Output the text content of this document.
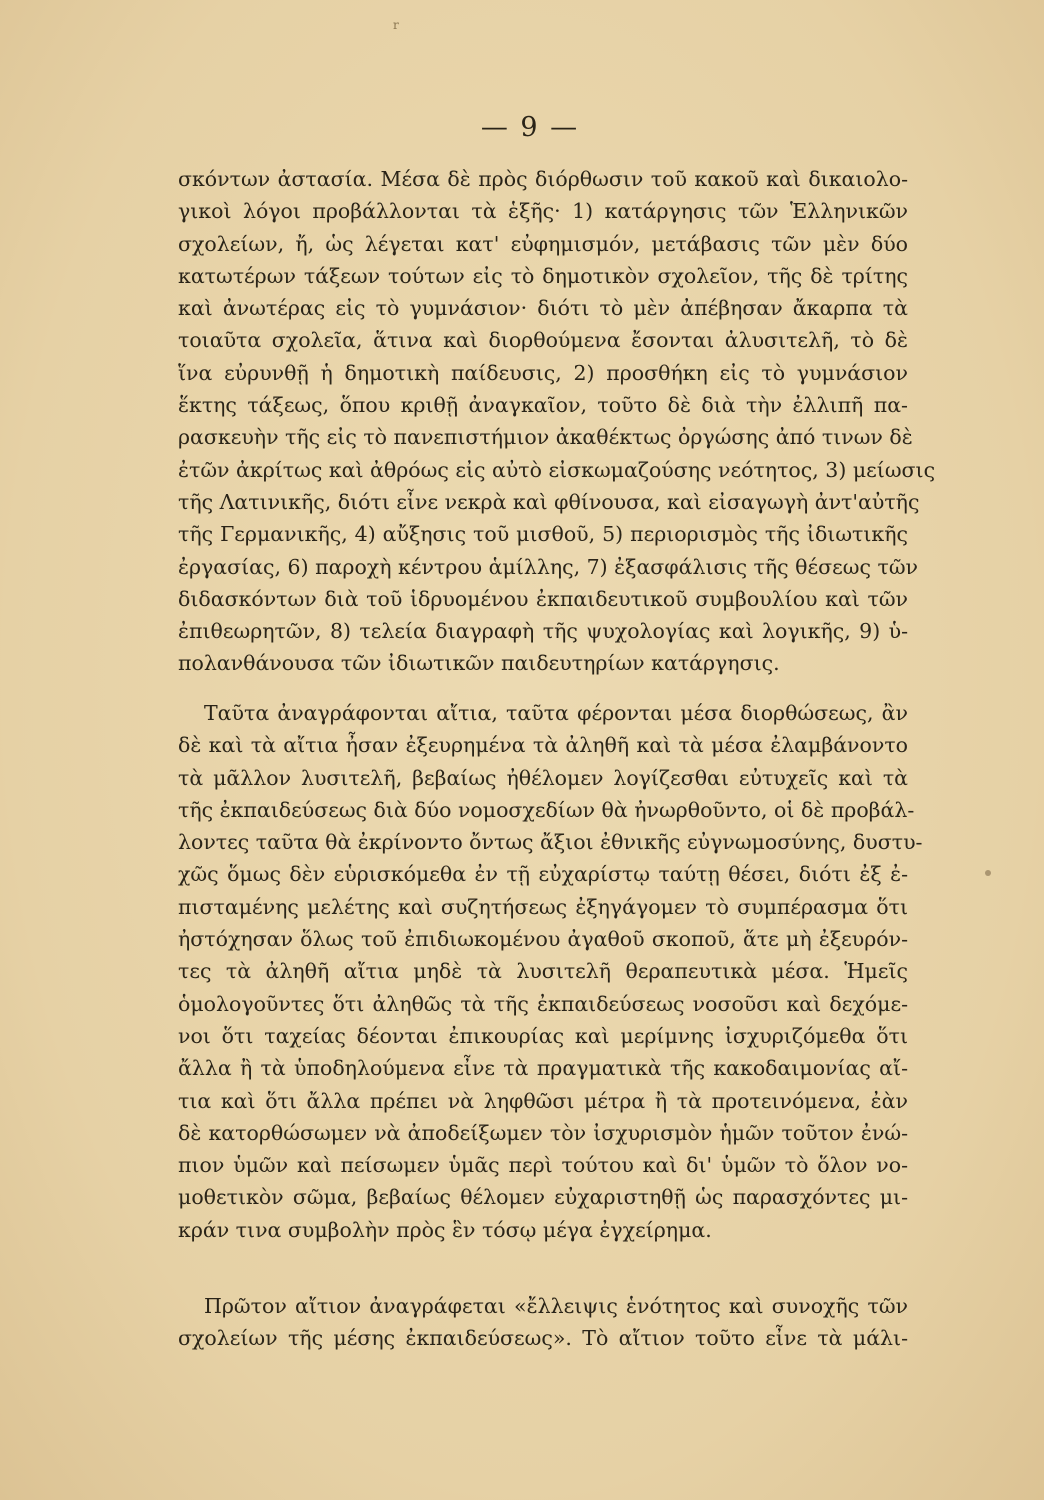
r
— 9 —
σκόντων ἀστασία. Μέσα δὲ πρὸς διόρθωσιν τοῦ κακοῦ καὶ δικαιολο-
γικοὶ λόγοι προβάλλονται τὰ ἑξῆς· 1) κατάργησις τῶν Ἑλληνικῶν
σχολείων, ἤ, ὡς λέγεται κατ' εὐφημισμόν, μετάβασις τῶν μὲν δύο
κατωτέρων τάξεων τούτων εἰς τὸ δημοτικὸν σχολεῖον, τῆς δὲ τρίτης
καὶ ἀνωτέρας εἰς τὸ γυμνάσιον· διότι τὸ μὲν ἀπέβησαν ἄκαρπα τὰ
τοιαῦτα σχολεῖα, ἅτινα καὶ διορθούμενα ἔσονται ἀλυσιτελῆ, τὸ δὲ
ἵνα εὐρυνθῇ ἡ δημοτικὴ παίδευσις, 2) προσθήκη εἰς τὸ γυμνάσιον
ἕκτης τάξεως, ὅπου κριθῇ ἀναγκαῖον, τοῦτο δὲ διὰ τὴν ἐλλιπῆ πα-
ρασκευὴν τῆς εἰς τὸ πανεπιστήμιον ἀκαθέκτως ὀργώσης ἀπό τινων δὲ
ἐτῶν ἀκρίτως καὶ ἀθρόως εἰς αὐτὸ εἰσκωμαζούσης νεότητος, 3) μείωσις
τῆς Λατινικῆς, διότι εἶνε νεκρὰ καὶ φθίνουσα, καὶ εἰσαγωγὴ ἀντ'αὐτῆς
τῆς Γερμανικῆς, 4) αὔξησις τοῦ μισθοῦ, 5) περιορισμὸς τῆς ἰδιωτικῆς
ἐργασίας, 6) παροχὴ κέντρου ἁμίλλης, 7) ἐξασφάλισις τῆς θέσεως τῶν
διδασκόντων διὰ τοῦ ἱδρυομένου ἐκπαιδευτικοῦ συμβουλίου καὶ τῶν
ἐπιθεωρητῶν, 8) τελεία διαγραφὴ τῆς ψυχολογίας καὶ λογικῆς, 9) ὑ-
πολανθάνουσα τῶν ἰδιωτικῶν παιδευτηρίων κατάργησις.
Ταῦτα ἀναγράφονται αἴτια, ταῦτα φέρονται μέσα διορθώσεως, ἂν
δὲ καὶ τὰ αἴτια ἦσαν ἐξευρημένα τὰ ἀληθῆ καὶ τὰ μέσα ἐλαμβάνοντο
τὰ μᾶλλον λυσιτελῆ, βεβαίως ἠθέλομεν λογίζεσθαι εὐτυχεῖς καὶ τὰ
τῆς ἐκπαιδεύσεως διὰ δύο νομοσχεδίων θὰ ἠνωρθοῦντο, οἱ δὲ προβάλ-
λοντες ταῦτα θὰ ἐκρίνοντο ὄντως ἄξιοι ἐθνικῆς εὐγνωμοσύνης, δυστυ-
χῶς ὅμως δὲν εὑρισκόμεθα ἐν τῇ εὐχαρίστῳ ταύτῃ θέσει, διότι ἐξ ἐ-
πισταμένης μελέτης καὶ συζητήσεως ἐξηγάγομεν τὸ συμπέρασμα ὅτι
ἠστόχησαν ὅλως τοῦ ἐπιδιωκομένου ἀγαθοῦ σκοποῦ, ἅτε μὴ ἐξευρόν-
τες τὰ ἀληθῆ αἴτια μηδὲ τὰ λυσιτελῆ θεραπευτικὰ μέσα. Ἡμεῖς
ὁμολογοῦντες ὅτι ἀληθῶς τὰ τῆς ἐκπαιδεύσεως νοσοῦσι καὶ δεχόμε-
νοι ὅτι ταχείας δέονται ἐπικουρίας καὶ μερίμνης ἰσχυριζόμεθα ὅτι
ἄλλα ἢ τὰ ὑποδηλούμενα εἶνε τὰ πραγματικὰ τῆς κακοδαιμονίας αἴ-
τια καὶ ὅτι ἄλλα πρέπει νὰ ληφθῶσι μέτρα ἢ τὰ προτεινόμενα, ἐὰν
δὲ κατορθώσωμεν νὰ ἀποδείξωμεν τὸν ἰσχυρισμὸν ἡμῶν τοῦτον ἐνώ-
πιον ὑμῶν καὶ πείσωμεν ὑμᾶς περὶ τούτου καὶ δι' ὑμῶν τὸ ὅλον νο-
μοθετικὸν σῶμα, βεβαίως θέλομεν εὐχαριστηθῇ ὡς παρασχόντες μι-
κράν τινα συμβολὴν πρὸς ἓν τόσῳ μέγα ἐγχείρημα.
Πρῶτον αἴτιον ἀναγράφεται «ἔλλειψις ἑνότητος καὶ συνοχῆς τῶν
σχολείων τῆς μέσης ἐκπαιδεύσεως». Τὸ αἴτιον τοῦτο εἶνε τὰ μάλι-
